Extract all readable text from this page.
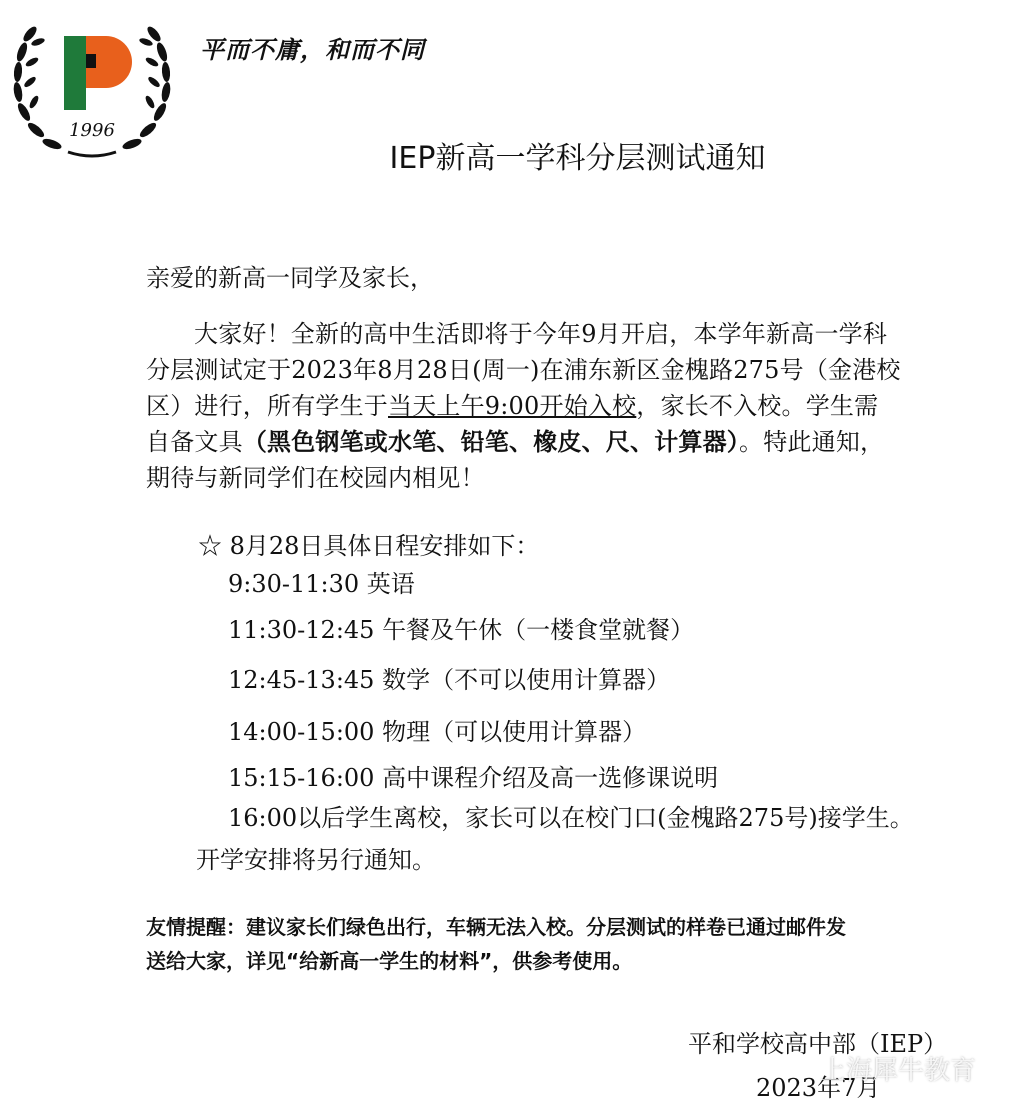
1996
平而不庸，和而不同
IEP新高一学科分层测试通知
亲爱的新高一同学及家长，
大家好！全新的高中生活即将于今年9月开启，本学年新高一学科
分层测试定于2023年8月28日(周一)在浦东新区金槐路275号（金港校
区）进行，所有学生于当天上午9:00开始入校，家长不入校。学生需
自备文具（黑色钢笔或水笔、铅笔、橡皮、尺、计算器）。特此通知，
期待与新同学们在校园内相见！
☆ 8月28日具体日程安排如下：
9:30-11:30 英语
11:30-12:45 午餐及午休（一楼食堂就餐）
12:45-13:45 数学（不可以使用计算器）
14:00-15:00 物理（可以使用计算器）
15:15-16:00 高中课程介绍及高一选修课说明
16:00以后学生离校，家长可以在校门口(金槐路275号)接学生。
开学安排将另行通知。
友情提醒：建议家长们绿色出行，车辆无法入校。分层测试的样卷已通过邮件发
送给大家，详见“给新高一学生的材料”，供参考使用。
平和学校高中部（IEP）
2023年7月
上海犀牛教育
